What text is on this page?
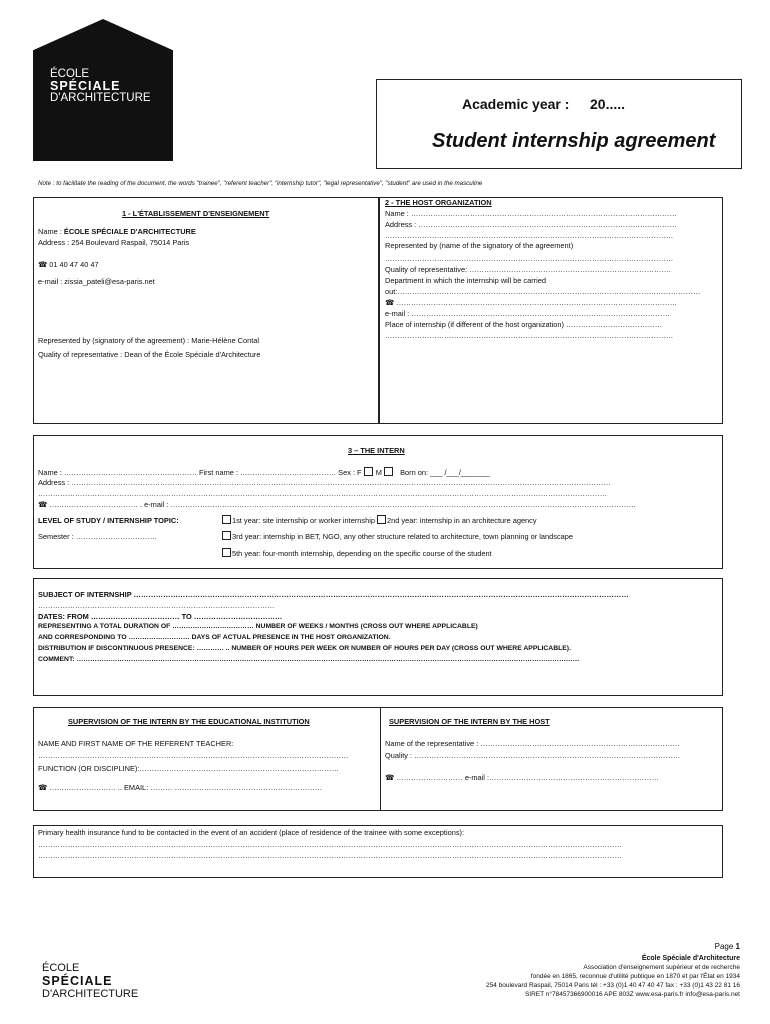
ÉCOLE
SPÉCIALE
D'ARCHITECTURE	Academic year : 20.....
Student internship agreement
Note : to facilitate the reading of the document, the words "trainee", "referent teacher", "internship tutor", "legal representative", "student" are used in the masculine
1 - L'ÉTABLISSEMENT D'ENSEIGNEMENT
Name : ÉCOLE SPÉCIALE D'ARCHITECTURE
Address : 254 Boulevard Raspail, 75014 Paris
☎ 01 40 47 40 47
e-mail : zissia_pateli@esa-paris.net
Represented by (signatory of the agreement) : Marie-Hélène Contal
Quality of representative : Dean of the École Spéciale d'Architecture
2 - THE HOST ORGANIZATION
Name : ………………………………………………………………………………………………
Address : ……………………………………………………………………………………………
………………………………………………………………………………………………………
Represented by (name of the signatory of the agreement)
………………………………………………………………………………………………………
Quality of representative: ……………………………………………………………………….
Department in which the internship will be carried
out:……………………………………………………………………………………………………………
☎ ……………………………………………………………………………………………………
e-mail : ……………………………………………………………………………………………
Place of internship (if different of the host organization) …………………………………
………………………………………………………………………………………………………
3 – THE INTERN
Name : ……………………………………………… First name : ………………………………… Sex : F M Born on: ___ /___/_______
Address : …………………………………………………………………………………………………………………………………………………………………………………………………
……………………………………………………………………………………………………………………………………………………………………………………………………………
☎ ……………………………… . e-mail : ………………………………………………………………………………………………………………………………………………………………………
LEVEL OF STUDY / INTERNSHIP TOPIC:
Semester : ……………………………
1st year: site internship or worker internship 2nd year: internship in an architecture agency
3rd year: internship in BET, NGO, any other structure related to architecture, town planning or landscape
5th year: four-month internship, depending on the specific course of the student
SUBJECT OF INTERNSHIP …………………………………………………………………………………………………………………………………………………………………………………
……………………………………………………………………………………
DATES: FROM ……………………………… TO ………………………………
REPRESENTING A TOTAL DURATION OF ……………………………… NUMBER OF WEEKS / MONTHS (CROSS OUT WHERE APPLICABLE)
AND CORRESPONDING TO ……………………… DAYS OF ACTUAL PRESENCE IN THE HOST ORGANIZATION.
DISTRIBUTION IF DISCONTINUOUS PRESENCE: ………… .. NUMBER OF HOURS PER WEEK OR NUMBER OF HOURS PER DAY (CROSS OUT WHERE APPLICABLE).
COMMENT: ……………………………………………………………………………………………………………………………………………………………………………………………………
SUPERVISION OF THE INTERN BY THE EDUCATIONAL INSTITUTION
NAME AND FIRST NAME OF THE REFERENT TEACHER:
………………………………………………………………………………………………………………
FUNCTION (OR DISCIPLINE):………………………………………………………………………
☎ ……………………… .. EMAIL: ……… ……………………………………………………
SUPERVISION OF THE INTERN BY THE HOST
Name of the representative : ………………………………………………………………………
Quality : ………………………………………………………………………………………………
☎ ……………………… e-mail :……………………………………………………………
Primary health insurance fund to be contacted in the event of an accident (place of residence of the trainee with some exceptions):
…………………………………………………………………………………………………………………………………………………………………………………………………………………
…………………………………………………………………………………………………………………………………………………………………………………………………………………
ÉCOLE
SPÉCIALE
D'ARCHITECTURE
Page 1
École Spéciale d'Architecture
Association d'enseignement supérieur et de recherche
fondée en 1865, reconnue d'utilité publique en 1870 et par l'État en 1934
254 boulevard Raspail, 75014 Paris tél : +33 (0)1 40 47 40 47 fax : +33 (0)1 43 22 81 16
SIRET n°78457366900016 APE 803Z www.esa-paris.fr info@esa-paris.net
